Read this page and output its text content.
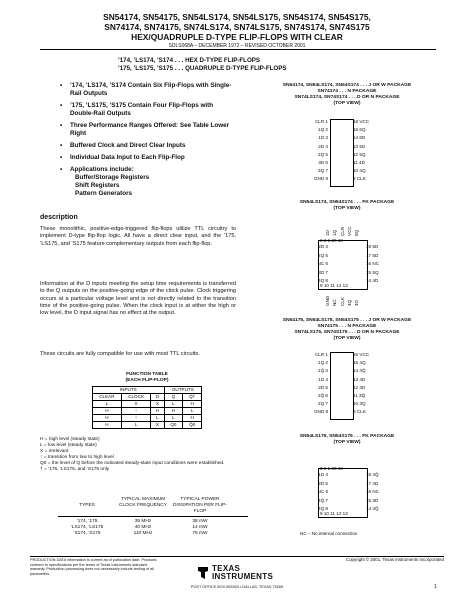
SN54174, SN54175, SN54LS174, SN54LS175, SN54S174, SN54S175,
SN74174, SN74175, SN74LS174, SN74LS175, SN74S174, SN74S175
HEX/QUADRUPLE D-TYPE FLIP-FLOPS WITH CLEAR
SDLS068A – DECEMBER 1972 – REVISED OCTOBER 2001
’174, ’LS174, ’S174 . . . HEX D-TYPE FLIP-FLOPS
’175, ’LS175, ’S175 . . . QUADRUPLE D-TYPE FLIP-FLOPS
• ’174, ’LS174, ’S174 Contain Six Flip-Flops with Single-Rail Outputs
• ’175, ’LS175, ’S175 Contain Four Flip-Flops with Double-Rail Outputs
• Three Performance Ranges Offered: See Table Lower Right
• Buffered Clock and Direct Clear Inputs
• Individual Data Input to Each Flip-Flop
• Applications include:
Buffer/Storage Registers
Shift Registers
Pattern Generators
description
These monolithic, positive-edge-triggered flip-flops utilize TTL circuitry to implement D-type flip-flop logic. All have a direct clear input, and the ’175, ’LS175, and ’S175 feature complementary outputs from each flip-flop.
Information at the D inputs meeting the setup time requirements is transferred to the Q outputs on the positive-going edge of the clock pulse. Clock triggering occurs at a particular voltage level and is not directly related to the transition time of the positive-going pulse. When the clock input is at either the high or low level, the D input signal has no effect at the output.
These circuits are fully compatible for use with most TTL circuits.
FUNCTION TABLE
(EACH FLIP-FLOP)
INPUTS			OUTPUTS	
CLEAR	CLOCK	D	Q	Q̄†
L	X	X	L	H
H	↑	H	H	L
H	↑	L	L	H
H	L	X	Q0	Q̄0
H = high level (steady state)
L = low level (steady state)
X = irrelevant
↑ = transition from low to high level
Q0 = the level of Q before the indicated steady-state input conditions were established.
† = ’175, ’LS175, and ’S175 only
TYPES
TYPICAL MAXIMUM CLOCK FREQUENCY
TYPICAL POWER DISSIPATION PER FLIP-FLOP
’174, ’175	35 MHz	38 mW
’LS174, ’LS175	40 MHz	14 mW
’S174, ’S175	110 MHz	75 mW
SN54174, SN54LS174, SN54S174 . . . J OR W PACKAGE
SN74174 . . . N PACKAGE
SN74LS174, SN74S174 . . . D OR N PACKAGE
(TOP VIEW)
CLR 1
1Q 2
1D 3
2D 4
2Q 5
3D 6
3Q 7
GND 8
16 VCC
15 6Q
14 6D
13 5D
12 5Q
11 4D
10 4Q
9 CLK
SN54LS174, SN54S174 . . . FK PACKAGE
(TOP VIEW)
3 2 1 20 19
9 10 11 12 13
2D 4
2Q 5
NC 6
3D 7
3Q 8
18 6D
17 5D
16 NC
15 5Q
14 4D
1D 1Q CLR VCC 6Q
GND NC CLK 4Q 4D
SN54175, SN54LS175, SN54S175 . . . J OR W PACKAGE
SN74175 . . . N PACKAGE
SN74LS175, SN74S175 . . . D OR N PACKAGE
(TOP VIEW)
CLR 1
1Q 2
1Q̄ 3
1D 4
2D 5
2Q̄ 6
2Q 7
GND 8
16 VCC
15 4Q
14 4Q̄
13 4D
12 3D
11 3Q̄
10 3Q
9 CLK
SN54LS175, SN54S175 . . . FK PACKAGE
(TOP VIEW)
3 2 1 20 19
9 10 11 12 13
1D 4
2D 5
NC 6
2Q̄ 7
2Q 8
18 4Q̄
17 4D
16 NC
15 3D
14 3Q̄
NC – No internal connection
PRODUCTION DATA information is current as of publication date. Products conform to specifications per the terms of Texas Instruments standard warranty. Production processing does not necessarily include testing of all parameters.
Copyright © 2001, Texas Instruments Incorporated
TEXAS
INSTRUMENTS
POST OFFICE BOX 655303 • DALLAS, TEXAS 75265	1
